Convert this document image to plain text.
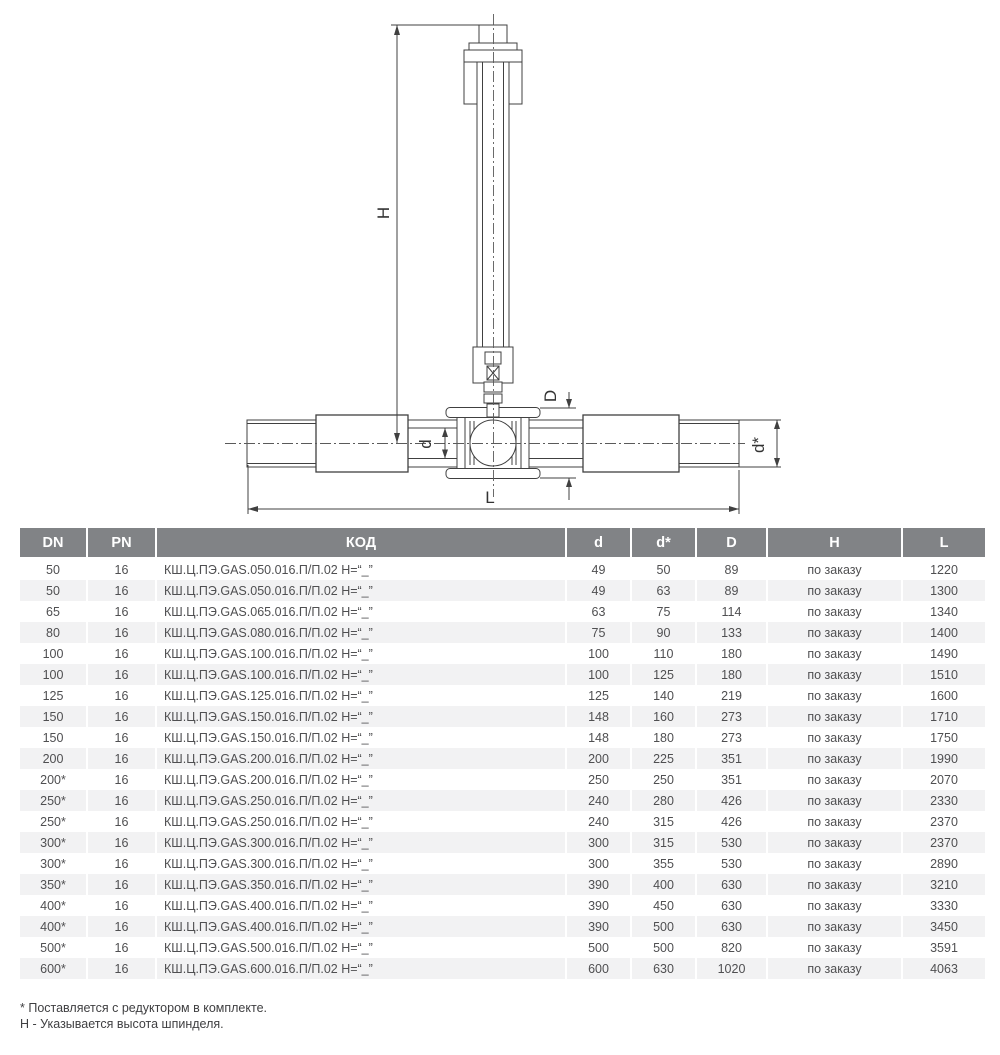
H
d
D
d*
L
DN	PN	КОД	d	d*	D	H	L
50	16	КШ.Ц.ПЭ.GAS.050.016.П/П.02 Н=“_”	49	50	89	по заказу	1220
50	16	КШ.Ц.ПЭ.GAS.050.016.П/П.02 Н=“_”	49	63	89	по заказу	1300
65	16	КШ.Ц.ПЭ.GAS.065.016.П/П.02 Н=“_”	63	75	114	по заказу	1340
80	16	КШ.Ц.ПЭ.GAS.080.016.П/П.02 Н=“_”	75	90	133	по заказу	1400
100	16	КШ.Ц.ПЭ.GAS.100.016.П/П.02 Н=“_”	100	110	180	по заказу	1490
100	16	КШ.Ц.ПЭ.GAS.100.016.П/П.02 Н=“_”	100	125	180	по заказу	1510
125	16	КШ.Ц.ПЭ.GAS.125.016.П/П.02 Н=“_”	125	140	219	по заказу	1600
150	16	КШ.Ц.ПЭ.GAS.150.016.П/П.02 Н=“_”	148	160	273	по заказу	1710
150	16	КШ.Ц.ПЭ.GAS.150.016.П/П.02 Н=“_”	148	180	273	по заказу	1750
200	16	КШ.Ц.ПЭ.GAS.200.016.П/П.02 Н=“_”	200	225	351	по заказу	1990
200*	16	КШ.Ц.ПЭ.GAS.200.016.П/П.02 Н=“_”	250	250	351	по заказу	2070
250*	16	КШ.Ц.ПЭ.GAS.250.016.П/П.02 Н=“_”	240	280	426	по заказу	2330
250*	16	КШ.Ц.ПЭ.GAS.250.016.П/П.02 Н=“_”	240	315	426	по заказу	2370
300*	16	КШ.Ц.ПЭ.GAS.300.016.П/П.02 Н=“_”	300	315	530	по заказу	2370
300*	16	КШ.Ц.ПЭ.GAS.300.016.П/П.02 Н=“_”	300	355	530	по заказу	2890
350*	16	КШ.Ц.ПЭ.GAS.350.016.П/П.02 Н=“_”	390	400	630	по заказу	3210
400*	16	КШ.Ц.ПЭ.GAS.400.016.П/П.02 Н=“_”	390	450	630	по заказу	3330
400*	16	КШ.Ц.ПЭ.GAS.400.016.П/П.02 Н=“_”	390	500	630	по заказу	3450
500*	16	КШ.Ц.ПЭ.GAS.500.016.П/П.02 Н=“_”	500	500	820	по заказу	3591
600*	16	КШ.Ц.ПЭ.GAS.600.016.П/П.02 Н=“_”	600	630	1020	по заказу	4063
* Поставляется с редуктором в комплекте.
Н - Указывается высота шпинделя.
